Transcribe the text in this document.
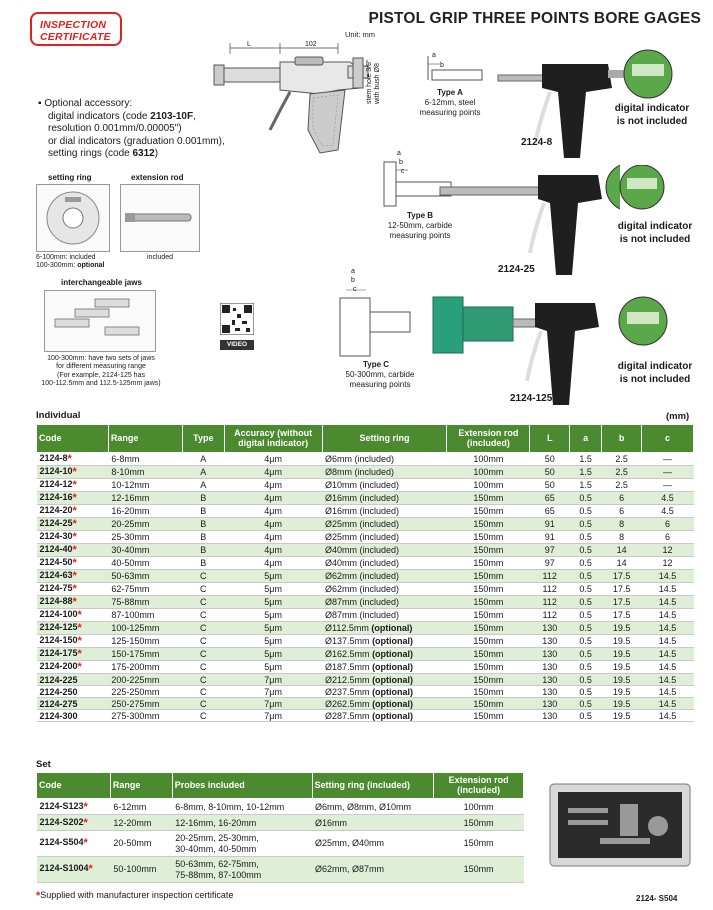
INSPECTION
CERTIFICATE
PISTOL GRIP THREE POINTS BORE GAGES
Unit: mm
L	102
stem hole 3/8"
with bush Ø8
▪ Optional accessory:
digital indicators (code 2103-10F,
resolution 0.001mm/0.00005")
or dial indicators (graduation 0.001mm),
setting rings (code 6312)
setting ring	extension rod
6-100mm: included
100-300mm: optional
included
interchangeable jaws
100-300mm: have two sets of jaws
for different measuring range
(For example, 2124-125 has
100-112.5mm and 112.5-125mm jaws)
VIDEO
a
b
Type A
6-12mm, steel
measuring points
a
b
c
Type B
12-50mm, carbide
measuring points
a
b
c
Type C
50-300mm, carbide
measuring points
2124-8
digital indicator
is not included
2124-25
digital indicator
is not included
2124-125
digital indicator
is not included
Individual	(mm)
Code	Range	Type	Accuracy (without digital indicator)	Setting ring	Extension rod (included)	L	a	b	c
2124-8*	6-8mm	A	4μm	Ø6mm (included)	100mm	50	1.5	2.5	—
2124-10*	8-10mm	A	4μm	Ø8mm (included)	100mm	50	1.5	2.5	—
2124-12*	10-12mm	A	4μm	Ø10mm (included)	100mm	50	1.5	2.5	—
2124-16*	12-16mm	B	4μm	Ø16mm (included)	150mm	65	0.5	6	4.5
2124-20*	16-20mm	B	4μm	Ø16mm (included)	150mm	65	0.5	6	4.5
2124-25*	20-25mm	B	4μm	Ø25mm (included)	150mm	91	0.5	8	6
2124-30*	25-30mm	B	4μm	Ø25mm (included)	150mm	91	0.5	8	6
2124-40*	30-40mm	B	4μm	Ø40mm (included)	150mm	97	0.5	14	12
2124-50*	40-50mm	B	4μm	Ø40mm (included)	150mm	97	0.5	14	12
2124-63*	50-63mm	C	5μm	Ø62mm (included)	150mm	112	0.5	17.5	14.5
2124-75*	62-75mm	C	5μm	Ø62mm (included)	150mm	112	0.5	17.5	14.5
2124-88*	75-88mm	C	5μm	Ø87mm (included)	150mm	112	0.5	17.5	14.5
2124-100*	87-100mm	C	5μm	Ø87mm (included)	150mm	112	0.5	17.5	14.5
2124-125*	100-125mm	C	5μm	Ø112.5mm (optional)	150mm	130	0.5	19.5	14.5
2124-150*	125-150mm	C	5μm	Ø137.5mm (optional)	150mm	130	0.5	19.5	14.5
2124-175*	150-175mm	C	5μm	Ø162.5mm (optional)	150mm	130	0.5	19.5	14.5
2124-200*	175-200mm	C	5μm	Ø187.5mm (optional)	150mm	130	0.5	19.5	14.5
2124-225	200-225mm	C	7μm	Ø212.5mm (optional)	150mm	130	0.5	19.5	14.5
2124-250	225-250mm	C	7μm	Ø237.5mm (optional)	150mm	130	0.5	19.5	14.5
2124-275	250-275mm	C	7μm	Ø262.5mm (optional)	150mm	130	0.5	19.5	14.5
2124-300	275-300mm	C	7μm	Ø287.5mm (optional)	150mm	130	0.5	19.5	14.5
Set
Code	Range	Probes included	Setting ring (included)	Extension rod (included)
2124-S123*	6-12mm	6-8mm, 8-10mm, 10-12mm	Ø6mm, Ø8mm, Ø10mm	100mm
2124-S202*	12-20mm	12-16mm, 16-20mm	Ø16mm	150mm
2124-S504*	20-50mm	20-25mm, 25-30mm,
30-40mm, 40-50mm	Ø25mm, Ø40mm	150mm
2124-S1004*	50-100mm	50-63mm, 62-75mm,
75-88mm, 87-100mm	Ø62mm, Ø87mm	150mm
2124- S504
*Supplied with manufacturer inspection certificate
